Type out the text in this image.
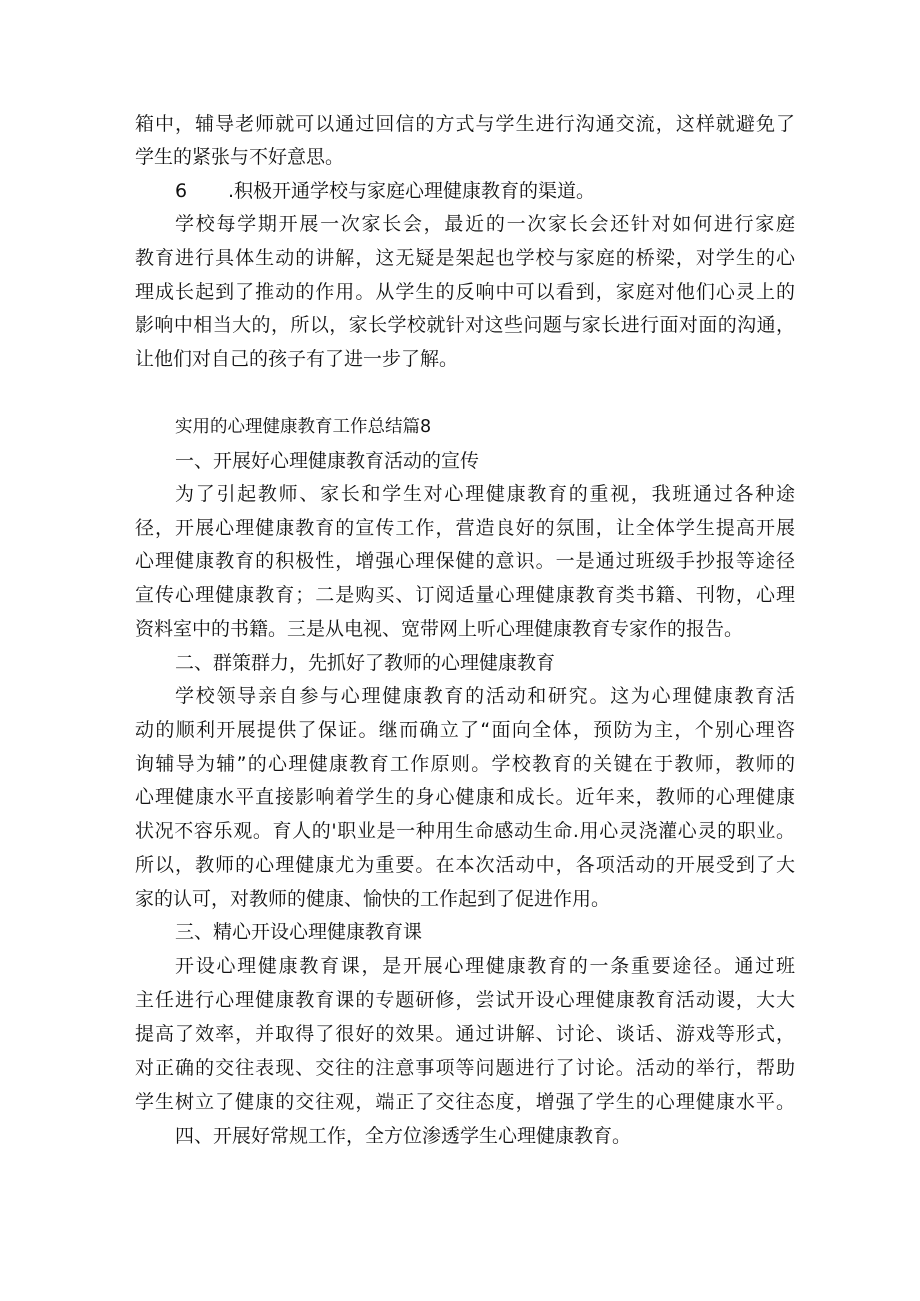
箱中，辅导老师就可以通过回信的方式与学生进行沟通交流，这样就避免了
学生的紧张与不好意思。
6 .积极开通学校与家庭心理健康教育的渠道。
学校每学期开展一次家长会，最近的一次家长会还针对如何进行家庭
教育进行具体生动的讲解，这无疑是架起也学校与家庭的桥梁，对学生的心
理成长起到了推动的作用。从学生的反响中可以看到，家庭对他们心灵上的
影响中相当大的，所以，家长学校就针对这些问题与家长进行面对面的沟通，
让他们对自己的孩子有了进一步了解。
实用的心理健康教育工作总结篇8
一、开展好心理健康教育活动的宣传
为了引起教师、家长和学生对心理健康教育的重视，我班通过各种途
径，开展心理健康教育的宣传工作，营造良好的氛围，让全体学生提高开展
心理健康教育的积极性，增强心理保健的意识。一是通过班级手抄报等途径
宣传心理健康教育；二是购买、订阅适量心理健康教育类书籍、刊物，心理
资料室中的书籍。三是从电视、宽带网上听心理健康教育专家作的报告。
二、群策群力，先抓好了教师的心理健康教育
学校领导亲自参与心理健康教育的活动和研究。这为心理健康教育活
动的顺利开展提供了保证。继而确立了“面向全体，预防为主，个别心理咨
询辅导为辅”的心理健康教育工作原则。学校教育的关键在于教师，教师的
心理健康水平直接影响着学生的身心健康和成长。近年来，教师的心理健康
状况不容乐观。育人的'职业是一种用生命感动生命.用心灵浇灌心灵的职业。
所以，教师的心理健康尤为重要。在本次活动中，各项活动的开展受到了大
家的认可，对教师的健康、愉快的工作起到了促进作用。
三、精心开设心理健康教育课
开设心理健康教育课，是开展心理健康教育的一条重要途径。通过班
主任进行心理健康教育课的专题研修，尝试开设心理健康教育活动谡，大大
提高了效率，并取得了很好的效果。通过讲解、讨论、谈话、游戏等形式，
对正确的交往表现、交往的注意事项等问题进行了讨论。活动的举行，帮助
学生树立了健康的交往观，端正了交往态度，增强了学生的心理健康水平。
四、开展好常规工作，全方位渗透学生心理健康教育。
